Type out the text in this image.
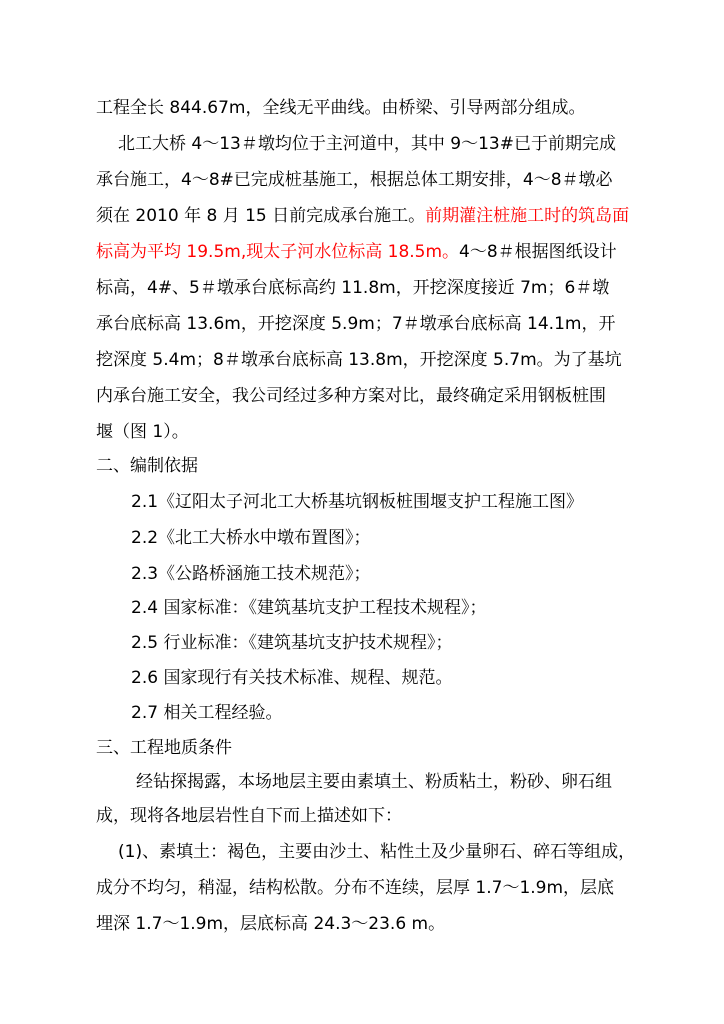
工程全长 844.67m，全线无平曲线。由桥梁、引导两部分组成。
北工大桥 4～13＃墩均位于主河道中，其中 9～13#已于前期完成
承台施工，4～8#已完成桩基施工，根据总体工期安排，4～8＃墩必
须在 2010 年 8 月 15 日前完成承台施工。前期灌注桩施工时的筑岛面
标高为平均 19.5m,现太子河水位标高 18.5m。4～8＃根据图纸设计
标高，4#、5＃墩承台底标高约 11.8m，开挖深度接近 7m；6＃墩
承台底标高 13.6m，开挖深度 5.9m；7＃墩承台底标高 14.1m，开
挖深度 5.4m；8＃墩承台底标高 13.8m，开挖深度 5.7m。为了基坑
内承台施工安全，我公司经过多种方案对比，最终确定采用钢板桩围
堰（图 1）。
二、编制依据
2.1《辽阳太子河北工大桥基坑钢板桩围堰支护工程施工图》
2.2《北工大桥水中墩布置图》；
2.3《公路桥涵施工技术规范》；
2.4 国家标准：《建筑基坑支护工程技术规程》；
2.5 行业标准：《建筑基坑支护技术规程》；
2.6 国家现行有关技术标准、规程、规范。
2.7 相关工程经验。
三、工程地质条件
经钻探揭露，本场地层主要由素填土、粉质粘土，粉砂、卵石组
成，现将各地层岩性自下而上描述如下：
(1)、素填土：褐色，主要由沙土、粘性土及少量卵石、碎石等组成，
成分不均匀，稍湿，结构松散。分布不连续，层厚 1.7～1.9m，层底
埋深 1.7～1.9m，层底标高 24.3～23.6 m。
